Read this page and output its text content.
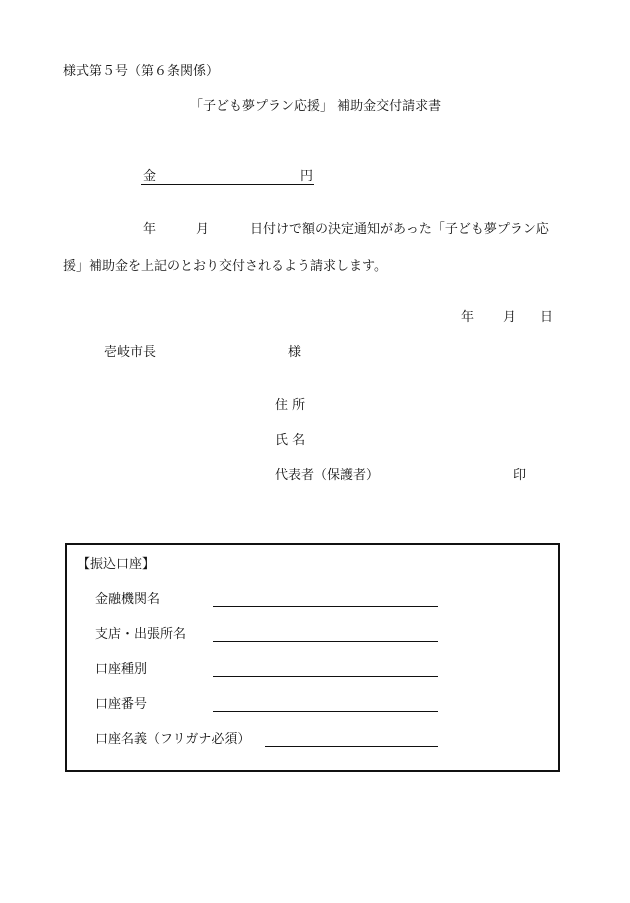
様式第５号（第６条関係）
「子ども夢プラン応援」 補助金交付請求書
金	円
年	月	日付けで額の決定通知があった「子ども夢プラン応
援」補助金を上記のとおり交付されるよう請求します。
年 月 日
壱岐市長	様
住 所
氏 名
代表者（保護者）	印
【振込口座】
金融機関名
支店・出張所名
口座種別
口座番号
口座名義（フリガナ必須）
